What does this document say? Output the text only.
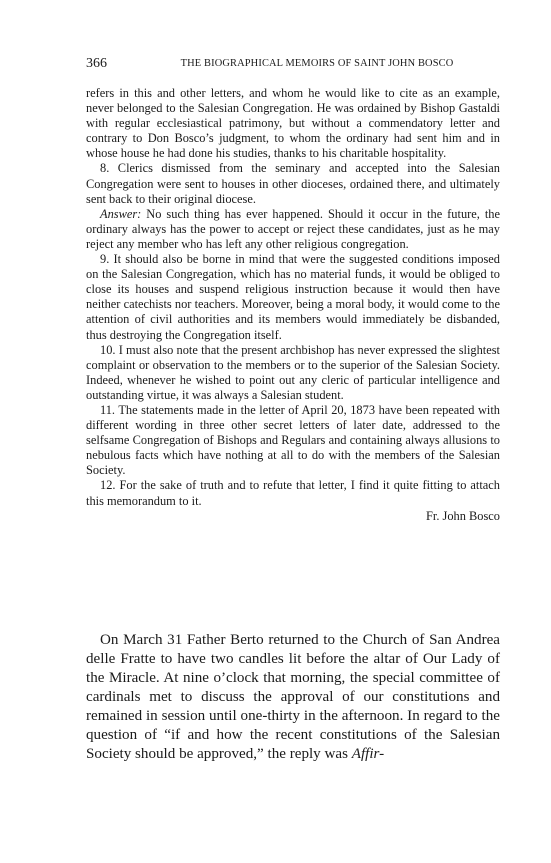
366	THE BIOGRAPHICAL MEMOIRS OF SAINT JOHN BOSCO

refers in this and other letters, and whom he would like to cite as an example, never belonged to the Salesian Congregation. He was ordained by Bishop Gastaldi with regular ecclesiastical patrimony, but without a commendatory letter and contrary to Don Bosco’s judgment, to whom the ordinary had sent him and in whose house he had done his studies, thanks to his charitable hospitality.

8. Clerics dismissed from the seminary and accepted into the Salesian Congregation were sent to houses in other dioceses, ordained there, and ultimately sent back to their original diocese.

Answer: No such thing has ever happened. Should it occur in the future, the ordinary always has the power to accept or reject these candidates, just as he may reject any member who has left any other religious congregation.

9. It should also be borne in mind that were the suggested conditions imposed on the Salesian Congregation, which has no material funds, it would be obliged to close its houses and suspend religious instruction because it would then have neither catechists nor teachers. Moreover, being a moral body, it would come to the attention of civil authorities and its members would immediately be disbanded, thus destroying the Congregation itself.

10. I must also note that the present archbishop has never expressed the slightest complaint or observation to the members or to the superior of the Salesian Society. Indeed, whenever he wished to point out any cleric of particular intelligence and outstanding virtue, it was always a Salesian student.

11. The statements made in the letter of April 20, 1873 have been repeated with different wording in three other secret letters of later date, addressed to the selfsame Congregation of Bishops and Regulars and containing always allusions to nebulous facts which have nothing at all to do with the members of the Salesian Society.

12. For the sake of truth and to refute that letter, I find it quite fitting to attach this memorandum to it.

Fr. John Bosco

On March 31 Father Berto returned to the Church of San Andrea delle Fratte to have two candles lit before the altar of Our Lady of the Miracle. At nine o’clock that morning, the special committee of cardinals met to discuss the approval of our constitutions and remained in session until one-thirty in the afternoon. In regard to the question of “if and how the recent constitutions of the Salesian Society should be approved,” the reply was Affir-
